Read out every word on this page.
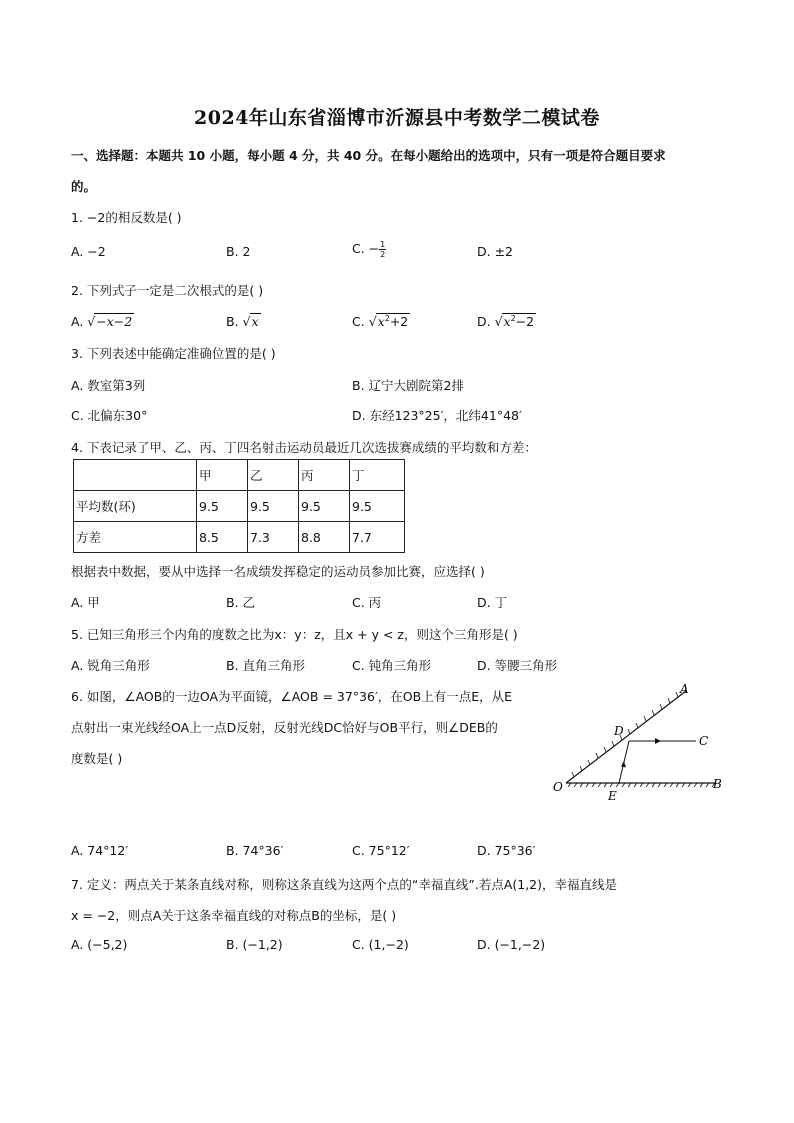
2024年山东省淄博市沂源县中考数学二模试卷
一、选择题：本题共 10 小题，每小题 4 分，共 40 分。在每小题给出的选项中，只有一项是符合题目要求
的。
1. −2的相反数是( )
A. −2	B. 2	C. − $\frac{1}{2}$	D. ±2
2. 下列式子一定是二次根式的是( )
A. √−x−2	B. √x	C. $√x^2+2$	D. $√x^2-2$
3. 下列表述中能确定准确位置的是( )
A. 教室第3列	B. 辽宁大剧院第2排
C. 北偏东30°	D. 东经123°25′，北纬41°48′
4. 下表记录了甲、乙、丙、丁四名射击运动员最近几次选拔赛成绩的平均数和方差：
	甲	乙	丙	丁
平均数(环)	9.5	9.5	9.5	9.5
方差	8.5	7.3	8.8	7.7
根据表中数据，要从中选择一名成绩发挥稳定的运动员参加比赛，应选择( )
A. 甲	B. 乙	C. 丙	D. 丁
5. 已知三角形三个内角的度数之比为x：y：z，且x + y < z，则这个三角形是( )
A. 锐角三角形	B. 直角三角形	C. 钝角三角形	D. 等腰三角形
6. 如图，∠AOB的一边OA为平面镜，∠AOB = 37°36′，在OB上有一点E，从E
点射出一束光线经OA上一点D反射，反射光线DC恰好与OB平行，则∠DEB的
度数是( )
A
B
C
D
E
O
A. 74°12′	B. 74°36′	C. 75°12′	D. 75°36′
7. 定义：两点关于某条直线对称，则称这条直线为这两个点的“幸福直线”.若点A(1,2)，幸福直线是
x = −2，则点A关于这条幸福直线的对称点B的坐标，是( )
A. (−5,2)	B. (−1,2)	C. (1,−2)	D. (−1,−2)
